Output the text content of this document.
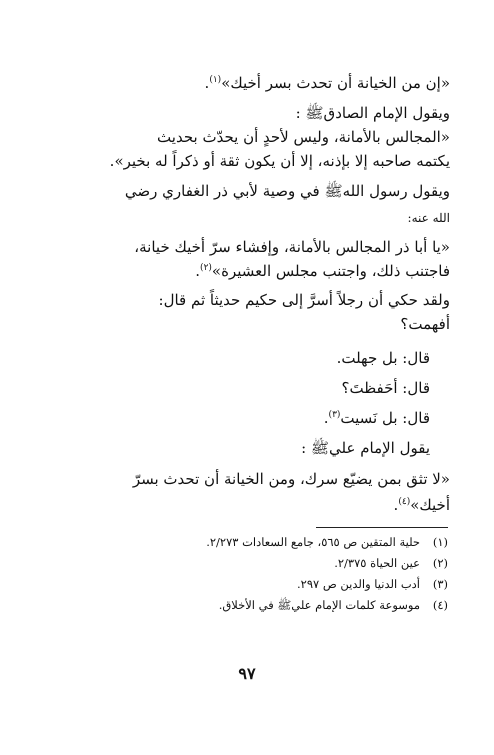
«إن من الخيانة أن تحدث بسر أخيك»$^{(١)}$.
ويقول الإمام الصادقﷺ :
«المجالس بالأمانة، وليس لأحدٍ أن يحدّث بحديث
يكتمه صاحبه إلا بإذنه، إلا أن يكون ثقة أو ذكراً له بخير».
ويقول رسول اللهﷺ في وصية لأبي ذر الغفاري رضي
الله عنه:
«يا أبا ذر المجالس بالأمانة، وإفشاء سرّ أخيك خيانة،
فاجتنب ذلك، واجتنب مجلس العشيرة»$^{(٢)}$.
ولقد حكي أن رجلاً أسرَّ إلى حكيم حديثاً ثم قال:
أفهمت؟
قال: بل جهلت.
قال: أحَفظتَ؟
قال: بل نَسيت$^{(٣)}$.
يقول الإمام عليﷺ :
«لا تثق بمن يضيّع سرك، ومن الخيانة أن تحدث بسرّ
أخيك»$^{(٤)}$.
(١)حلية المتقين ص ٥٦٥، جامع السعادات ٢/٢٧٣.
(٢)عين الحياة ٢/٣٧٥.
(٣)أدب الدنيا والدين ص ٢٩٧.
(٤)موسوعة كلمات الإمام عليﷺ في الأخلاق.
٩٧
